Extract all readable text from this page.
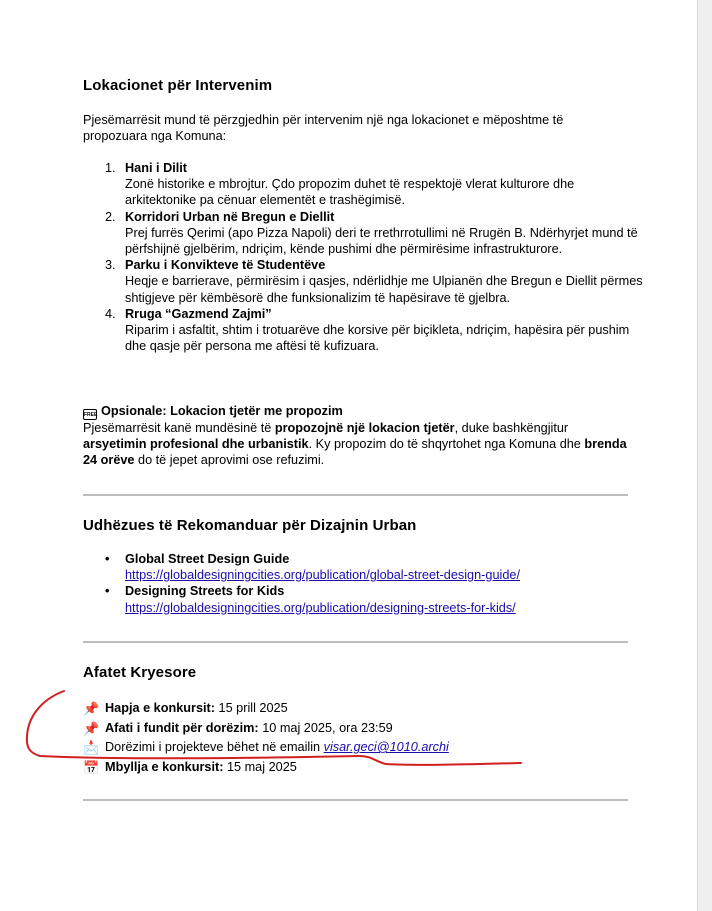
Lokacionet për Intervenim

Pjesëmarrësit mund të përzgjedhin për intervenim një nga lokacionet e mëposhtme të propozuara nga Komuna:

1. Hani i Dilit
Zonë historike e mbrojtur. Çdo propozim duhet të respektojë vlerat kulturore dhe arkitektonike pa cënuar elementët e trashëgimisë.
2. Korridori Urban në Bregun e Diellit
Prej furrës Qerimi (apo Pizza Napoli) deri te rrethrrotullimi në Rrugën B. Ndërhyrjet mund të përfshijnë gjelbërim, ndriçim, kënde pushimi dhe përmirësime infrastrukturore.
3. Parku i Konvikteve të Studentëve
Heqje e barrierave, përmirësim i qasjes, ndërlidhje me Ulpianën dhe Bregun e Diellit përmes shtigjeve për këmbësorë dhe funksionalizim të hapësirave të gjelbra.
4. Rruga “Gazmend Zajmi”
Riparim i asfaltit, shtim i trotuarëve dhe korsive për biçikleta, ndriçim, hapësira për pushim dhe qasje për persona me aftësi të kufizuara.
FREE Opsionale: Lokacion tjetër me propozim
Pjesëmarrësit kanë mundësinë të propozojnë një lokacion tjetër, duke bashkëngjitur arsyetimin profesional dhe urbanistik. Ky propozim do të shqyrtohet nga Komuna dhe brenda 24 orëve do të jepet aprovimi ose refuzimi.
Udhëzues të Rekomanduar për Dizajnin Urban
• Global Street Design Guide
https://globaldesigningcities.org/publication/global-street-design-guide/
• Designing Streets for Kids
https://globaldesigningcities.org/publication/designing-streets-for-kids/
Afatet Kryesore
📌 Hapja e konkursit: 15 prill 2025
📌 Afati i fundit për dorëzim: 10 maj 2025, ora 23:59
📩 Dorëzimi i projekteve bëhet në emailin visar.geci@1010.archi
📅 Mbyllja e konkursit: 15 maj 2025
